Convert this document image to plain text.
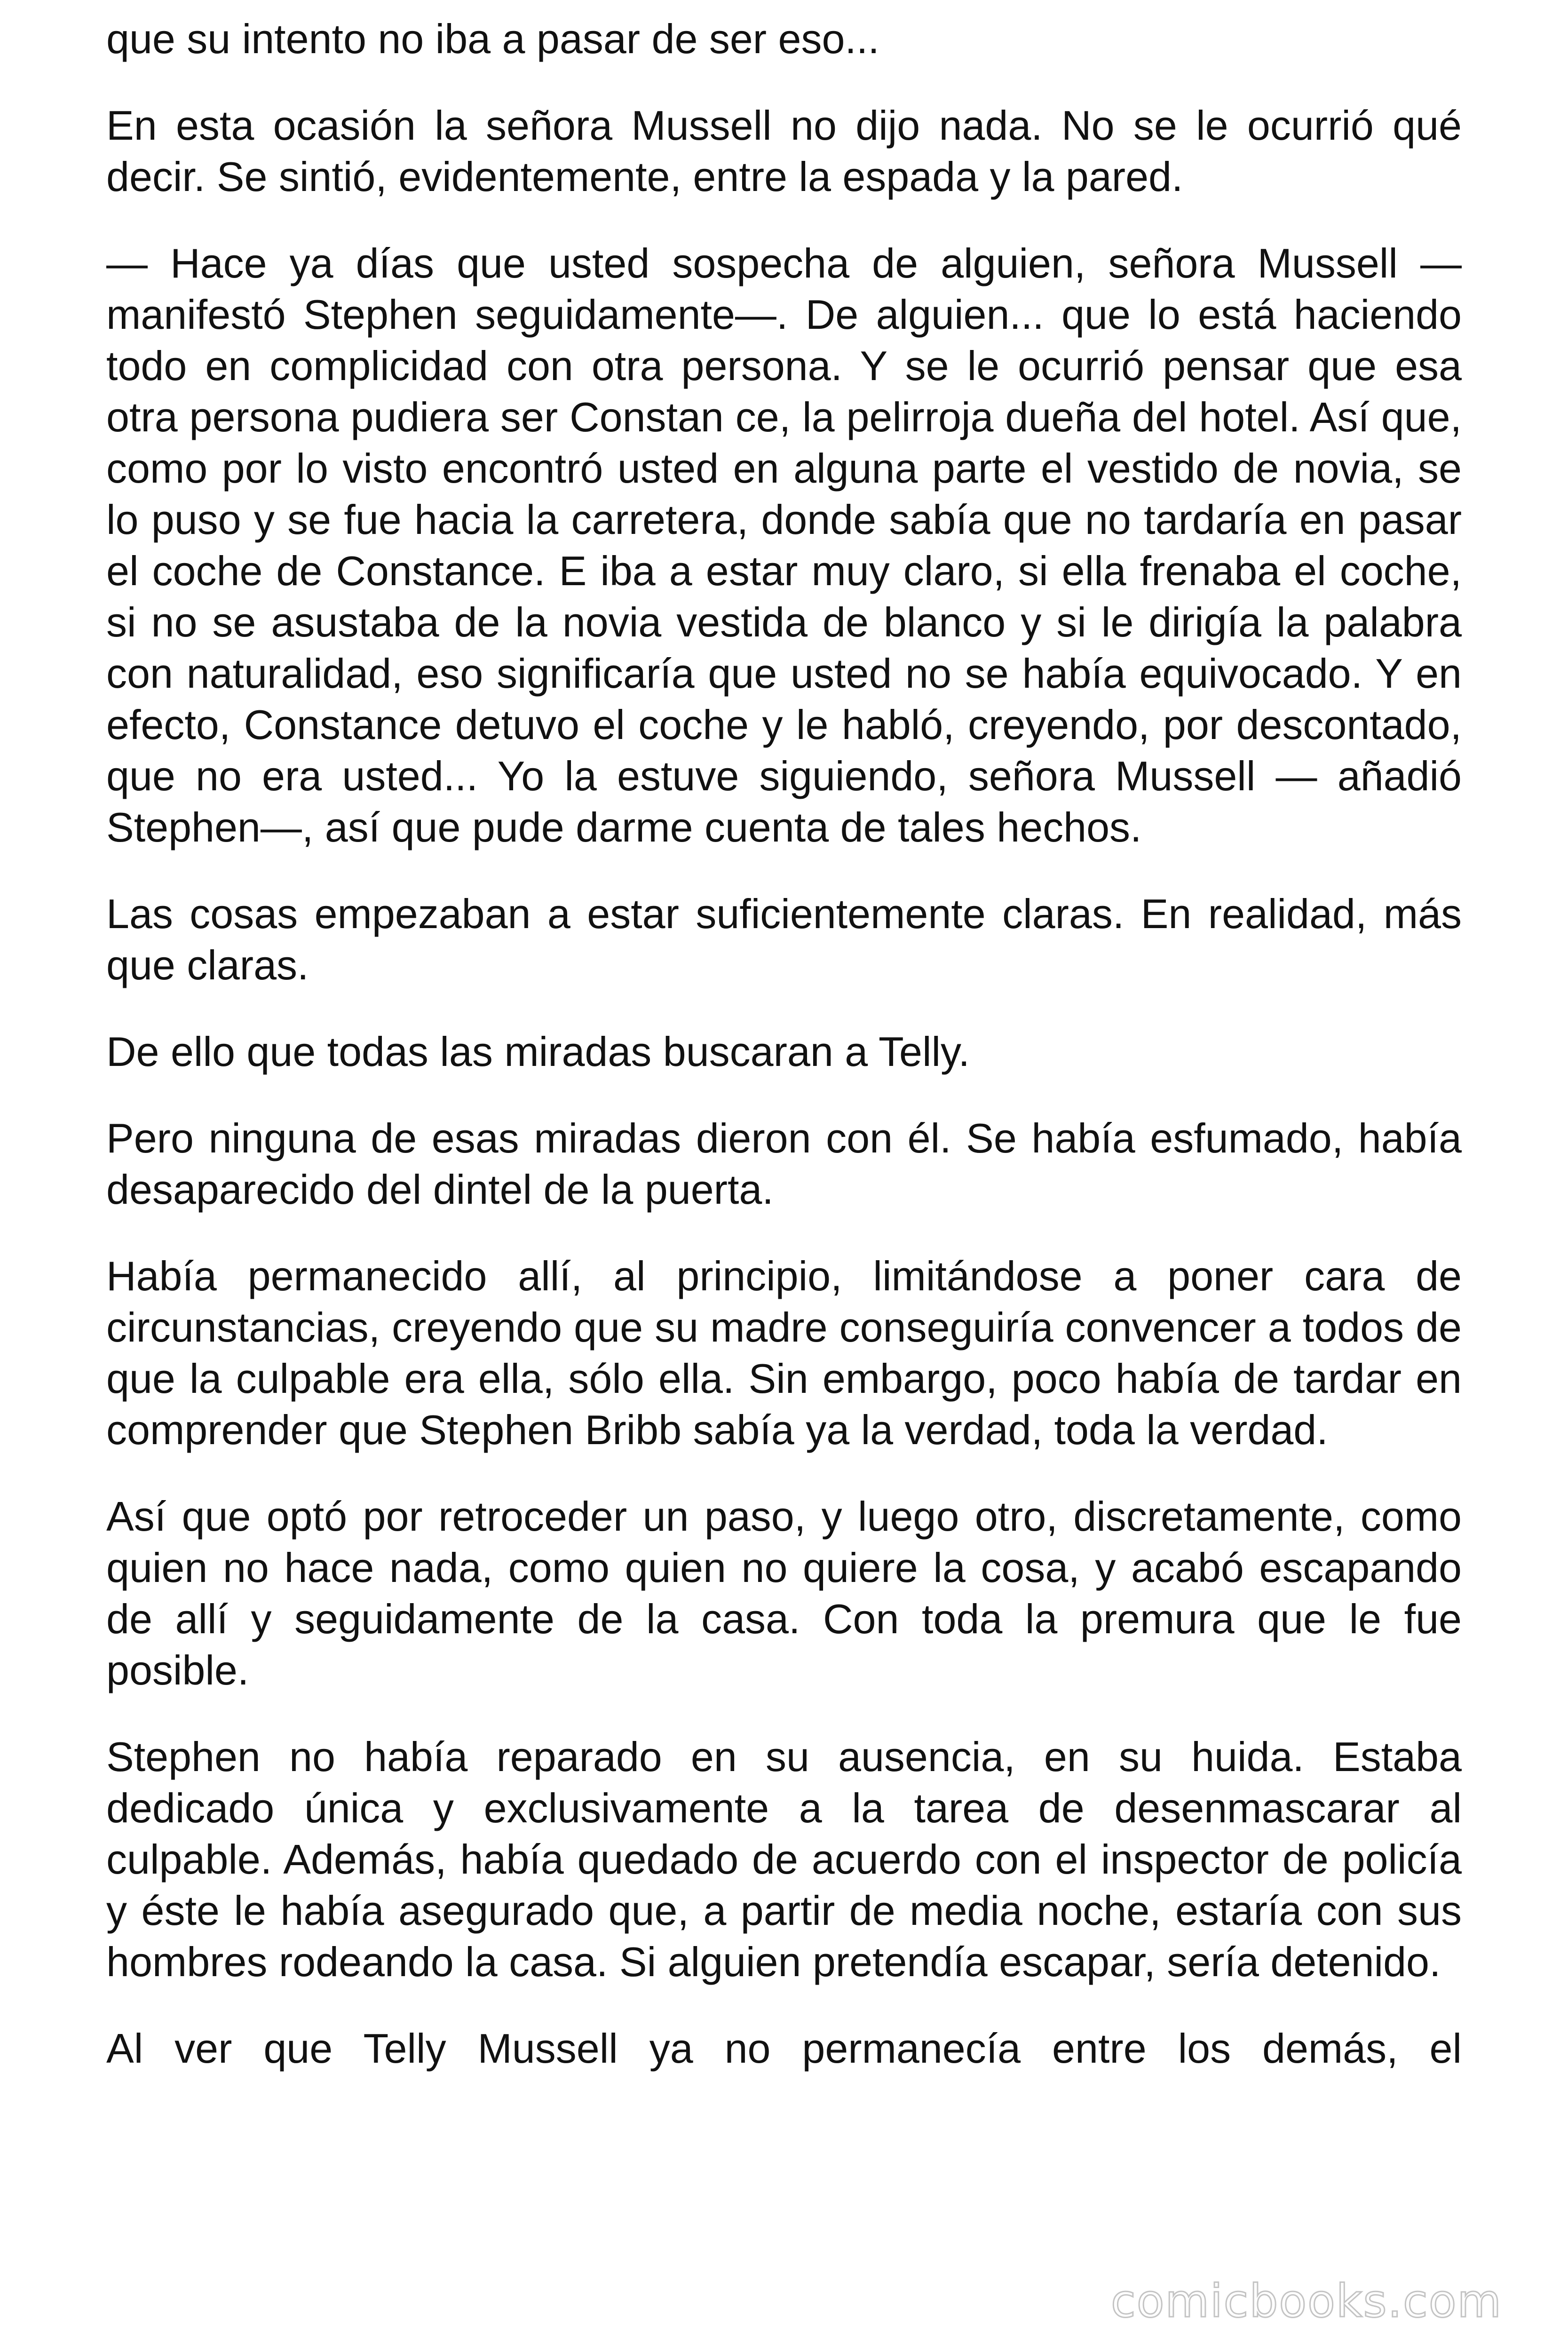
que su intento no iba a pasar de ser eso...

En esta ocasión la señora Mussell no dijo nada. No se le ocurrió qué decir. Se sintió, evidentemente, entre la espada y la pared.

— Hace ya días que usted sospecha de alguien, señora Mussell — manifestó Stephen seguidamente—. De alguien... que lo está haciendo todo en complicidad con otra persona. Y se le ocurrió pensar que esa otra persona pudiera ser Constan ce, la pelirroja dueña del hotel. Así que, como por lo visto encontró usted en alguna parte el vestido de novia, se lo puso y se fue hacia la carretera, donde sabía que no tardaría en pasar el coche de Constance. E iba a estar muy claro, si ella frenaba el coche, si no se asustaba de la novia vestida de blanco y si le dirigía la palabra con naturalidad, eso significaría que usted no se había equivocado. Y en efecto, Constance detuvo el coche y le habló, creyendo, por descontado, que no era usted... Yo la estuve siguiendo, señora Mussell — añadió Stephen—, así que pude darme cuenta de tales hechos.

Las cosas empezaban a estar suficientemente claras. En realidad, más que claras.

De ello que todas las miradas buscaran a Telly.

Pero ninguna de esas miradas dieron con él. Se había esfumado, había desaparecido del dintel de la puerta.

Había permanecido allí, al principio, limitándose a poner cara de circunstancias, creyendo que su madre conseguiría convencer a todos de que la culpable era ella, sólo ella. Sin embargo, poco había de tardar en comprender que Stephen Bribb sabía ya la verdad, toda la verdad.

Así que optó por retroceder un paso, y luego otro, discretamente, como quien no hace nada, como quien no quiere la cosa, y acabó escapando de allí y seguidamente de la casa. Con toda la premura que le fue posible.

Stephen no había reparado en su ausencia, en su huida. Estaba dedicado única y exclusivamente a la tarea de desenmascarar al culpable. Además, había quedado de acuerdo con el inspector de policía y éste le había asegurado que, a partir de media noche, estaría con sus hombres rodeando la casa. Si alguien pretendía escapar, sería detenido.

Al ver que Telly Mussell ya no permanecía entre los demás, el

comicbooks.com
